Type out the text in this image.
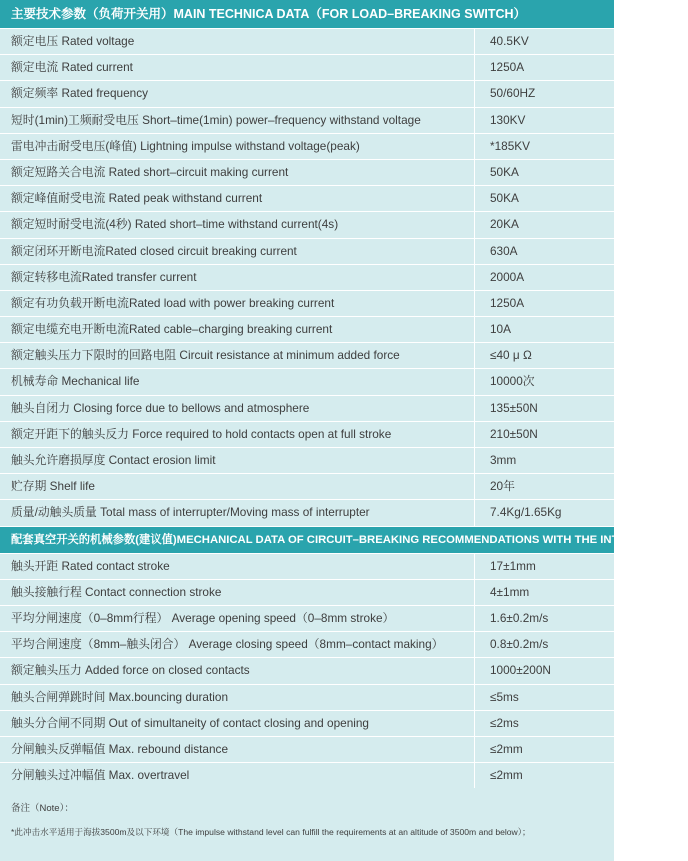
主要技术参数（负荷开关用）MAIN TECHNICA DATA（FOR LOAD–BREAKING SWITCH）
额定电压 Rated voltage	40.5KV
额定电流 Rated current	1250A
额定频率 Rated frequency	50/60HZ
短时(1min)工频耐受电压 Short–time(1min) power–frequency withstand voltage	130KV
雷电冲击耐受电压(峰值) Lightning impulse withstand voltage(peak)	*185KV
额定短路关合电流 Rated short–circuit making current	50KA
额定峰值耐受电流 Rated peak withstand current	50KA
额定短时耐受电流(4秒) Rated short–time withstand current(4s)	20KA
额定闭环开断电流Rated closed circuit breaking current	630A
额定转移电流Rated transfer current	2000A
额定有功负载开断电流Rated load with power breaking current	1250A
额定电缆充电开断电流Rated cable–charging breaking current	10A
额定触头压力下限时的回路电阻 Circuit resistance at minimum added force	≤40 μ Ω
机械寿命 Mechanical life	10000次
触头自闭力 Closing force due to bellows and atmosphere	135±50N
额定开距下的触头反力 Force required to hold contacts open at full stroke	210±50N
触头允许磨损厚度 Contact erosion limit	3mm
贮存期 Shelf life	20年
质量/动触头质量 Total mass of interrupter/Moving mass of interrupter	7.4Kg/1.65Kg
配套真空开关的机械参数(建议值)MECHANICAL DATA OF CIRCUIT–BREAKING RECOMMENDATIONS WITH THE INTERRUPTERS
触头开距 Rated contact stroke	17±1mm
触头接触行程 Contact connection stroke	4±1mm
平均分闸速度（0–8mm行程） Average opening speed（0–8mm stroke）	1.6±0.2m/s
平均合闸速度（8mm–触头闭合） Average closing speed（8mm–contact making）	0.8±0.2m/s
额定触头压力 Added force on closed contacts	1000±200N
触头合闸弹跳时间 Max.bouncing duration	≤5ms
触头分合闸不同期 Out of simultaneity of contact closing and opening	≤2ms
分闸触头反弹幅值 Max. rebound distance	≤2mm
分闸触头过冲幅值 Max. overtravel	≤2mm
备注（Note）：
*此冲击水平适用于海拔3500m及以下环境（The impulse withstand level can fulfill the requirements at an altitude of 3500m and below）；
